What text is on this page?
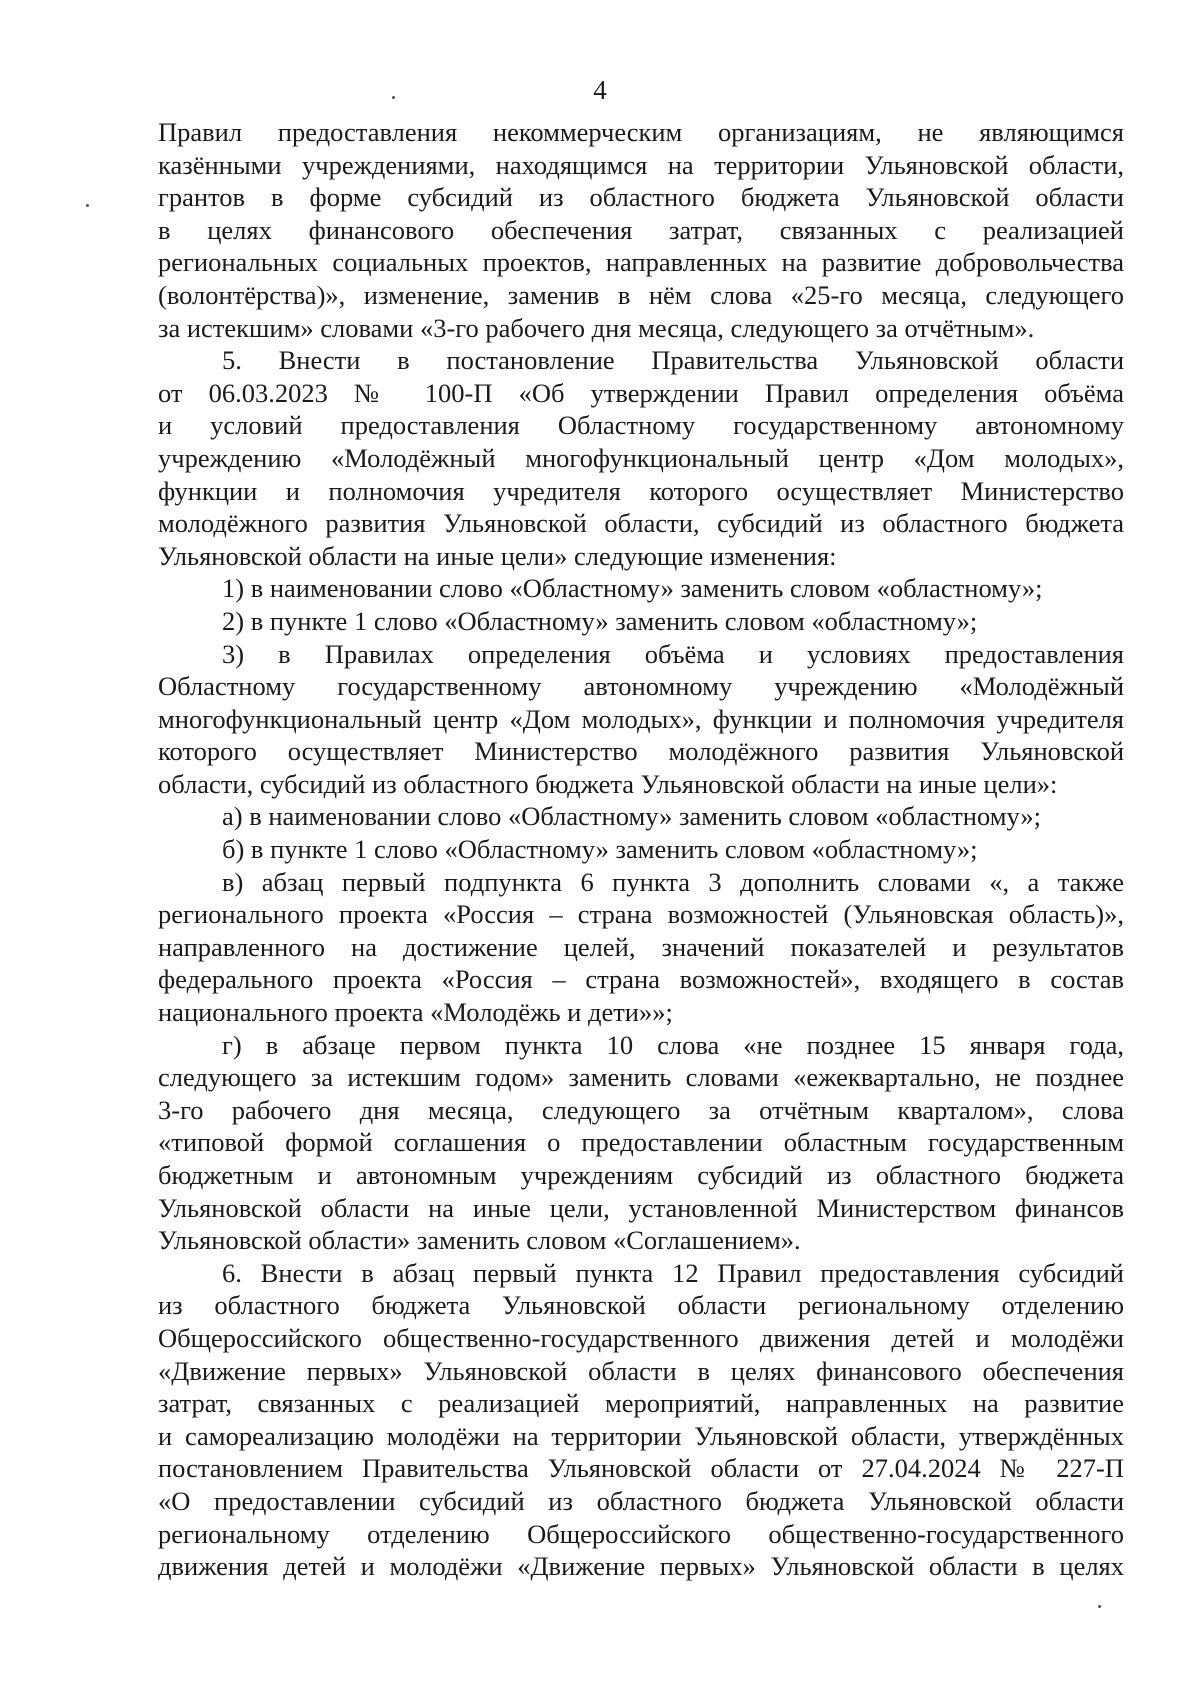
4

Правил предоставления некоммерческим организациям, не являющимся

казёнными учреждениями, находящимся на территории Ульяновской области,

грантов в форме субсидий из областного бюджета Ульяновской области

в целях финансового обеспечения затрат, связанных с реализацией

региональных социальных проектов, направленных на развитие добровольчества

(волонтёрства)», изменение, заменив в нём слова «25-го месяца, следующего

за истекшим» словами «3-го рабочего дня месяца, следующего за отчётным».

5. Внести в постановление Правительства Ульяновской области

от 06.03.2023 № 100-П «Об утверждении Правил определения объёма

и условий предоставления Областному государственному автономному

учреждению «Молодёжный многофункциональный центр «Дом молодых»,

функции и полномочия учредителя которого осуществляет Министерство

молодёжного развития Ульяновской области, субсидий из областного бюджета

Ульяновской области на иные цели» следующие изменения:

1) в наименовании слово «Областному» заменить словом «областному»;

2) в пункте 1 слово «Областному» заменить словом «областному»;

3) в Правилах определения объёма и условиях предоставления

Областному государственному автономному учреждению «Молодёжный

многофункциональный центр «Дом молодых», функции и полномочия учредителя

которого осуществляет Министерство молодёжного развития Ульяновской

области, субсидий из областного бюджета Ульяновской области на иные цели»:

а) в наименовании слово «Областному» заменить словом «областному»;

б) в пункте 1 слово «Областному» заменить словом «областному»;

в) абзац первый подпункта 6 пункта 3 дополнить словами «, а также

регионального проекта «Россия – страна возможностей (Ульяновская область)»,

направленного на достижение целей, значений показателей и результатов

федерального проекта «Россия – страна возможностей», входящего в состав

национального проекта «Молодёжь и дети»»;

г) в абзаце первом пункта 10 слова «не позднее 15 января года,

следующего за истекшим годом» заменить словами «ежеквартально, не позднее

3-го рабочего дня месяца, следующего за отчётным кварталом», слова

«типовой формой соглашения о предоставлении областным государственным

бюджетным и автономным учреждениям субсидий из областного бюджета

Ульяновской области на иные цели, установленной Министерством финансов

Ульяновской области» заменить словом «Соглашением».

6. Внести в абзац первый пункта 12 Правил предоставления субсидий

из областного бюджета Ульяновской области региональному отделению

Общероссийского общественно-государственного движения детей и молодёжи

«Движение первых» Ульяновской области в целях финансового обеспечения

затрат, связанных с реализацией мероприятий, направленных на развитие

и самореализацию молодёжи на территории Ульяновской области, утверждённых

постановлением Правительства Ульяновской области от 27.04.2024 № 227-П

«О предоставлении субсидий из областного бюджета Ульяновской области

региональному отделению Общероссийского общественно-государственного

движения детей и молодёжи «Движение первых» Ульяновской области в целях
